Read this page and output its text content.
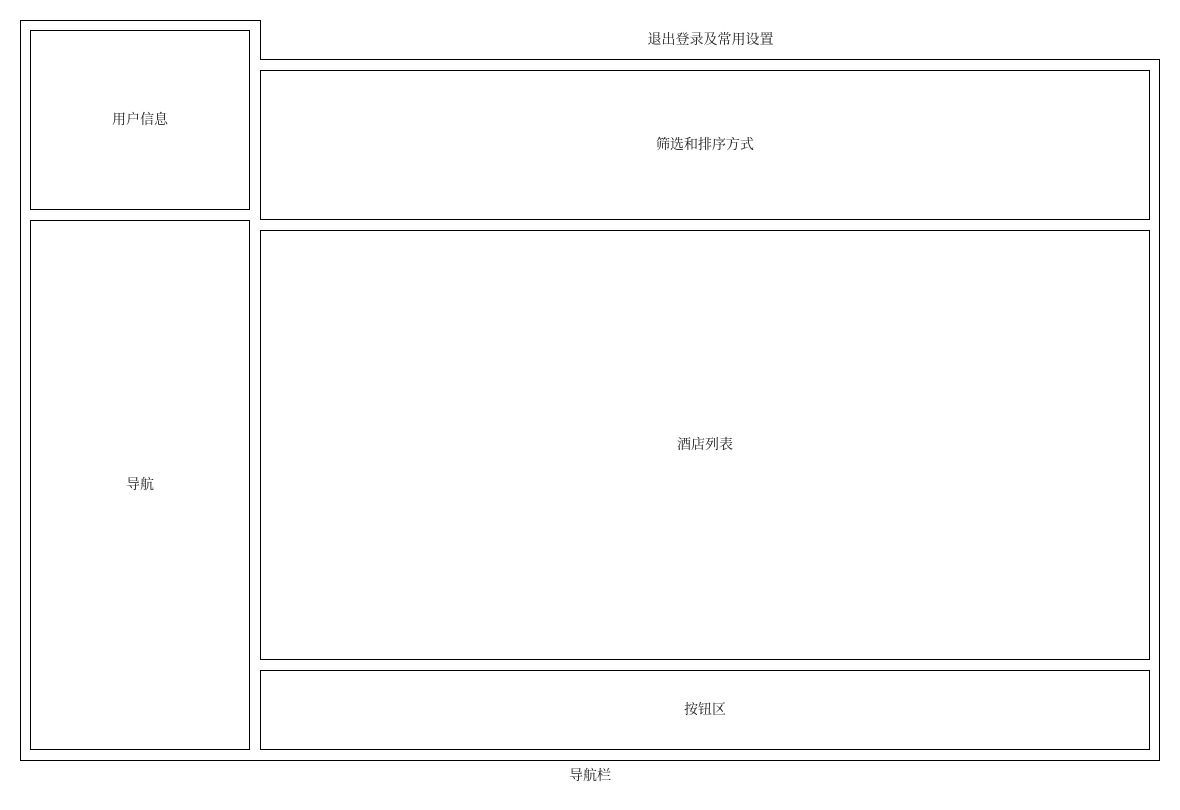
用户信息
导航
退出登录及常用设置
筛选和排序方式
酒店列表
按钮区
导航栏
